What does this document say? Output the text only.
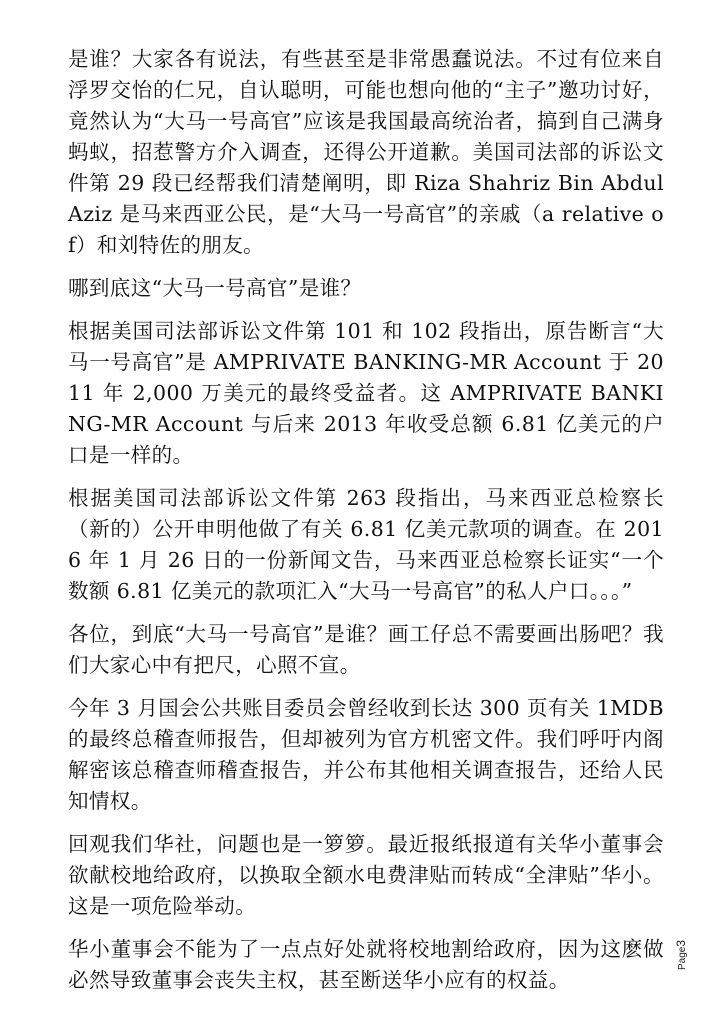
是谁？大家各有说法，有些甚至是非常愚蠢说法。不过有位来自浮罗交怡的仁兄，自认聪明，可能也想向他的“主子”邀功讨好，竟然认为“大马一号高官”应该是我国最高统治者，搞到自己满身蚂蚁，招惹警方介入调查，还得公开道歉。美国司法部的诉讼文件第 29 段已经帮我们清楚阐明，即 Riza Shahriz Bin Abdul Aziz 是马来西亚公民，是“大马一号高官”的亲戚（a relative of）和刘特佐的朋友。

哪到底这“大马一号高官”是谁？

根据美国司法部诉讼文件第 101 和 102 段指出，原告断言“大马一号高官”是 AMPRIVATE BANKING-MR Account 于 2011 年 2,000 万美元的最终受益者。这 AMPRIVATE BANKING-MR Account 与后来 2013 年收受总额 6.81 亿美元的户口是一样的。

根据美国司法部诉讼文件第 263 段指出，马来西亚总检察长（新的）公开申明他做了有关 6.81 亿美元款项的调查。在 2016 年 1 月 26 日的一份新闻文告，马来西亚总检察长证实“一个数额 6.81 亿美元的款项汇入“大马一号高官”的私人户口。。。”

各位，到底“大马一号高官”是谁？画工仔总不需要画出肠吧？我们大家心中有把尺，心照不宣。

今年 3 月国会公共账目委员会曾经收到长达 300 页有关 1MDB 的最终总稽查师报告，但却被列为官方机密文件。我们呼吁内阁解密该总稽查师稽查报告，并公布其他相关调查报告，还给人民知情权。

回观我们华社，问题也是一箩箩。最近报纸报道有关华小董事会欲献校地给政府，以换取全额水电费津贴而转成“全津贴”华小。这是一项危险举动。

华小董事会不能为了一点点好处就将校地割给政府，因为这麽做必然导致董事会丧失主权，甚至断送华小应有的权益。

Page3
